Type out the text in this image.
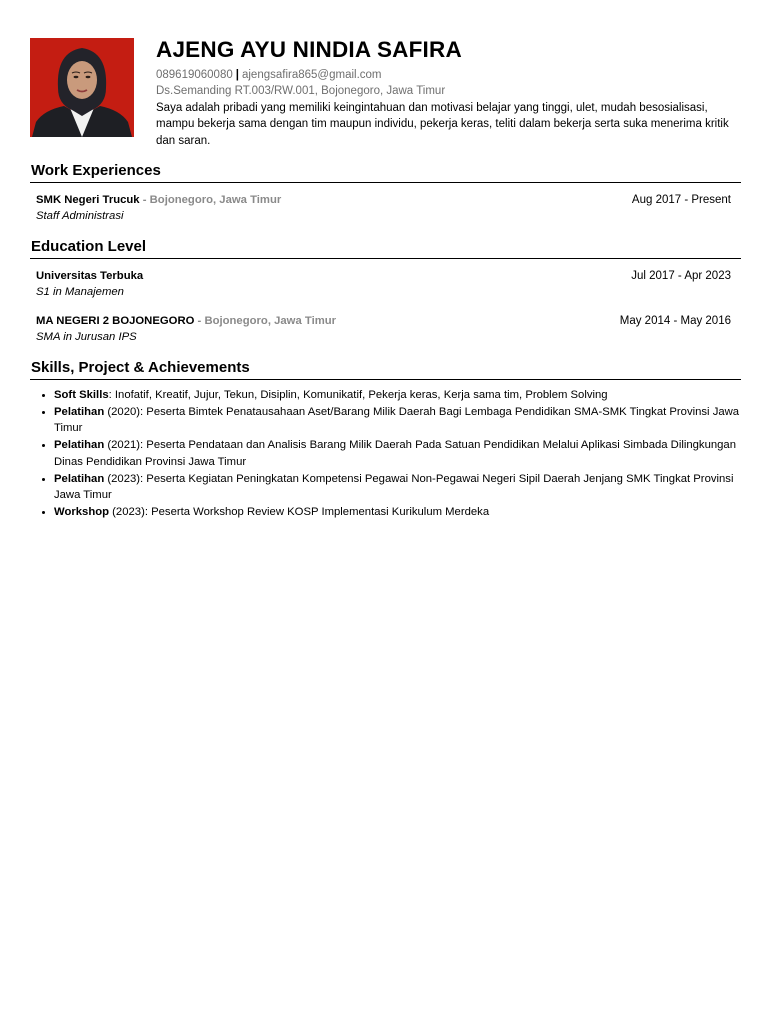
AJENG AYU NINDIA SAFIRA
089619060080 | ajengsafira865@gmail.com
Ds.Semanding RT.003/RW.001, Bojonegoro, Jawa Timur
Saya adalah pribadi yang memiliki keingintahuan dan motivasi belajar yang tinggi, ulet, mudah besosialisasi, mampu bekerja sama dengan tim maupun individu, pekerja keras, teliti dalam bekerja serta suka menerima kritik dan saran.
Work Experiences
SMK Negeri Trucuk - Bojonegoro, Jawa Timur	Aug 2017 - Present
Staff Administrasi
Education Level
Universitas Terbuka	Jul 2017 - Apr 2023
S1 in Manajemen
MA NEGERI 2 BOJONEGORO - Bojonegoro, Jawa Timur	May 2014 - May 2016
SMA in Jurusan IPS
Skills, Project & Achievements
• Soft Skills: Inofatif, Kreatif, Jujur, Tekun, Disiplin, Komunikatif, Pekerja keras, Kerja sama tim, Problem Solving
• Pelatihan (2020): Peserta Bimtek Penatausahaan Aset/Barang Milik Daerah Bagi Lembaga Pendidikan SMA-SMK Tingkat Provinsi Jawa Timur
• Pelatihan (2021): Peserta Pendataan dan Analisis Barang Milik Daerah Pada Satuan Pendidikan Melalui Aplikasi Simbada Dilingkungan Dinas Pendidikan Provinsi Jawa Timur
• Pelatihan (2023): Peserta Kegiatan Peningkatan Kompetensi Pegawai Non-Pegawai Negeri Sipil Daerah Jenjang SMK Tingkat Provinsi Jawa Timur
• Workshop (2023): Peserta Workshop Review KOSP Implementasi Kurikulum Merdeka
